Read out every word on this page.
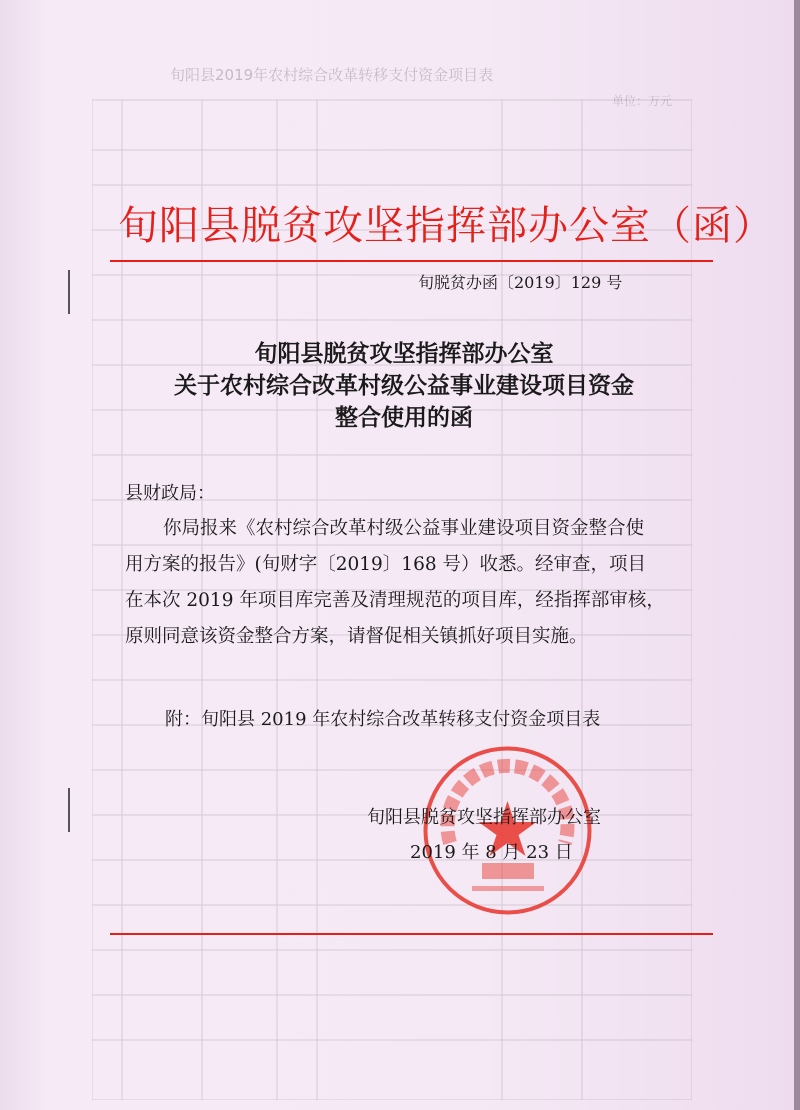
旬阳县2019年农村综合改革转移支付资金项目表
单位：万元
旬阳县脱贫攻坚指挥部办公室（函）
旬脱贫办函〔2019〕129 号
旬阳县脱贫攻坚指挥部办公室
关于农村综合改革村级公益事业建设项目资金
整合使用的函
县财政局：

你局报来《农村综合改革村级公益事业建设项目资金整合使

用方案的报告》(旬财字〔2019〕168 号）收悉。经审查，项目

在本次 2019 年项目库完善及清理规范的项目库，经指挥部审核，

原则同意该资金整合方案，请督促相关镇抓好项目实施。

附：旬阳县 2019 年农村综合改革转移支付资金项目表
旬阳县脱贫攻坚指挥部办公室
2019 年 8 月 23 日
